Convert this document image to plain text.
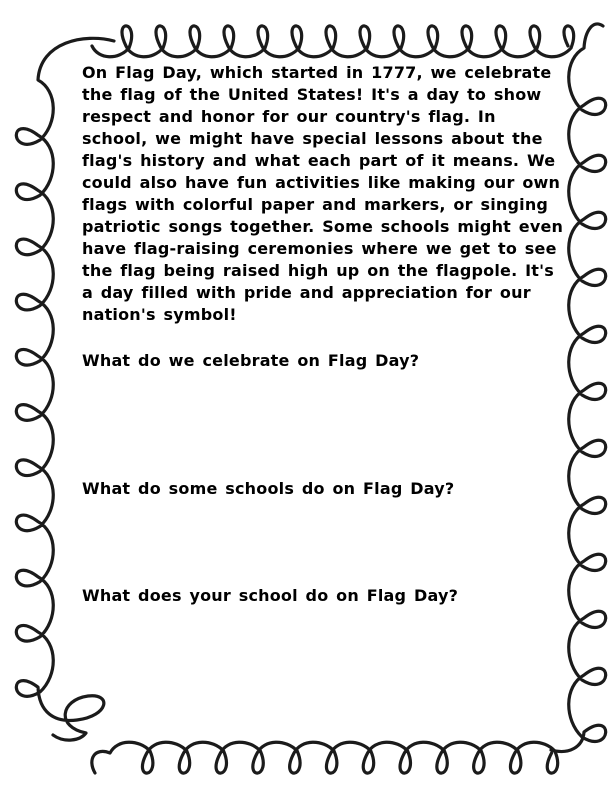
On Flag Day, which started in 1777, we celebrate
the flag of the United States! It's a day to show
respect and honor for our country's flag. In
school, we might have special lessons about the
flag's history and what each part of it means. We
could also have fun activities like making our own
flags with colorful paper and markers, or singing
patriotic songs together. Some schools might even
have flag-raising ceremonies where we get to see
the flag being raised high up on the flagpole. It's
a day filled with pride and appreciation for our
nation's symbol!
What do we celebrate on Flag Day?
What do some schools do on Flag Day?
What does your school do on Flag Day?
